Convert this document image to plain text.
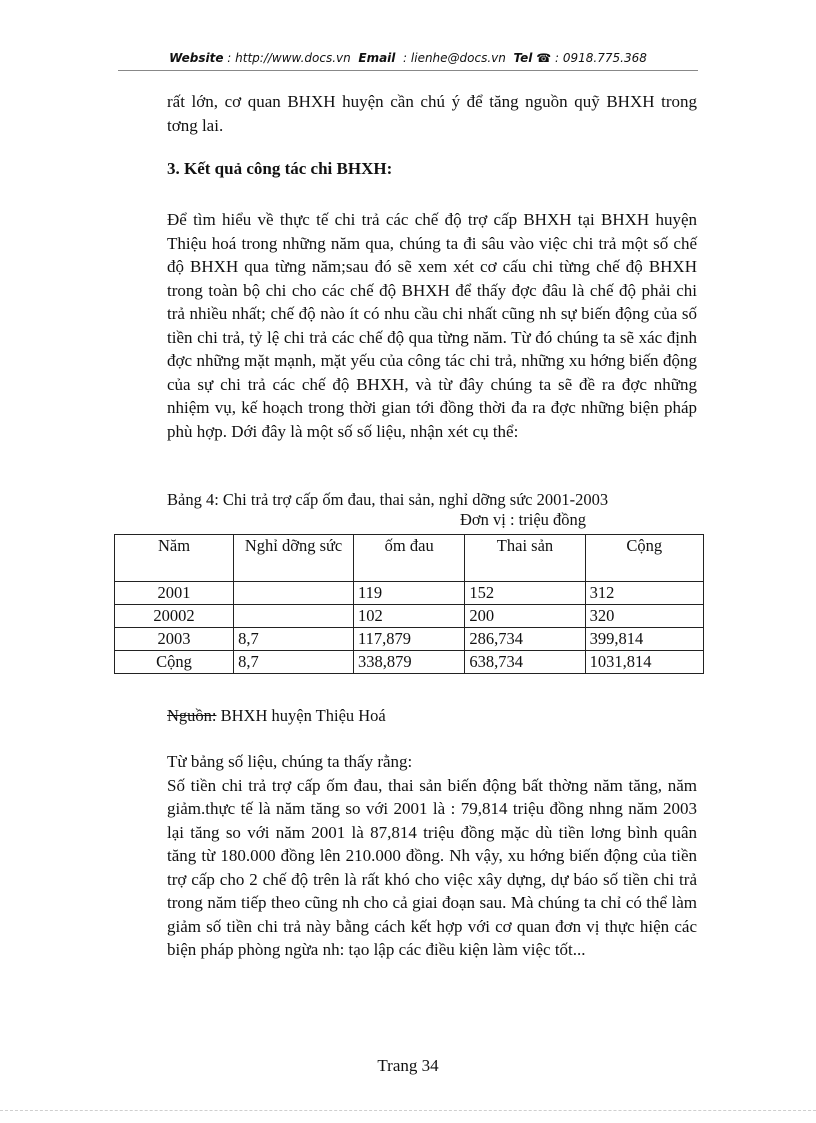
Website : http://www.docs.vn Email : lienhe@docs.vn Tel ☎ : 0918.775.368

rất lớn, cơ quan BHXH huyện cần chú ý để tăng nguồn quỹ BHXH trong tơng lai.

3. Kết quả công tác chi BHXH:

Để tìm hiểu về thực tế chi trả các chế độ trợ cấp BHXH tại BHXH huyện Thiệu hoá trong những năm qua, chúng ta đi sâu vào việc chi trả một số chế độ BHXH qua từng năm;sau đó sẽ xem xét cơ cấu chi từng chế độ BHXH trong toàn bộ chi cho các chế độ BHXH để thấy đợc đâu là chế độ phải chi trả nhiều nhất; chế độ nào ít có nhu cầu chi nhất cũng nh sự biến động của số tiền chi trả, tỷ lệ chi trả các chế độ qua từng năm. Từ đó chúng ta sẽ xác định đợc những mặt mạnh, mặt yếu của công tác chi trả, những xu hớng biến động của sự chi trả các chế độ BHXH, và từ đây chúng ta sẽ đề ra đợc những nhiệm vụ, kế hoạch trong thời gian tới đồng thời đa ra đợc những biện pháp phù hợp. Dới đây là một số số liệu, nhận xét cụ thể:

Bảng 4: Chi trả trợ cấp ốm đau, thai sản, nghỉ dỡng sức 2001-2003

Đơn vị : triệu đồng

Năm	Nghỉ dỡng sức	ốm đau	Thai sản	Cộng
2001		119	152	312
20002		102	200	320
2003	8,7	117,879	286,734	399,814
Cộng	8,7	338,879	638,734	1031,814

Nguồn: BHXH huyện Thiệu Hoá

Từ bảng số liệu, chúng ta thấy rằng:

Số tiền chi trả trợ cấp ốm đau, thai sản biến động bất thờng năm tăng, năm giảm.thực tế là năm tăng so với 2001 là : 79,814 triệu đồng nhng năm 2003 lại tăng so với năm 2001 là 87,814 triệu đồng mặc dù tiền lơng bình quân tăng từ 180.000 đồng lên 210.000 đồng. Nh vậy, xu hớng biến động của tiền trợ cấp cho 2 chế độ trên là rất khó cho việc xây dựng, dự báo số tiền chi trả trong năm tiếp theo cũng nh cho cả giai đoạn sau. Mà chúng ta chỉ có thể làm giảm số tiền chi trả này bằng cách kết hợp với cơ quan đơn vị thực hiện các biện pháp phòng ngừa nh: tạo lập các điều kiện làm việc tốt...

Trang 34
